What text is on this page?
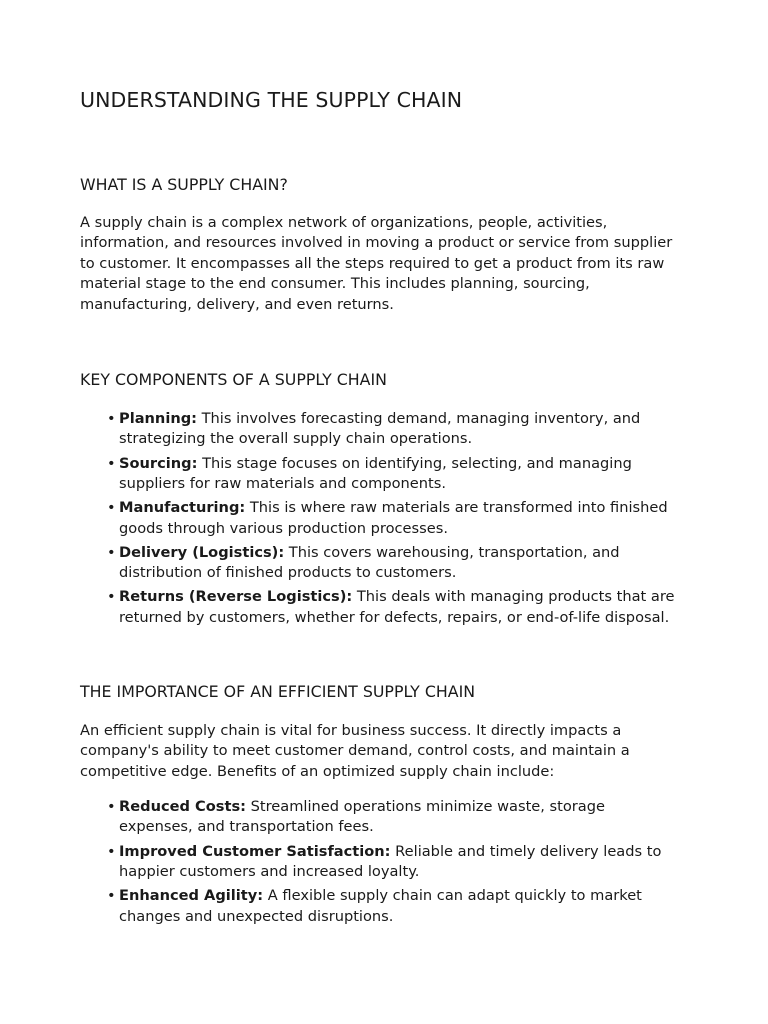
UNDERSTANDING THE SUPPLY CHAIN
WHAT IS A SUPPLY CHAIN?

A supply chain is a complex network of organizations, people, activities, information, and resources involved in moving a product or service from supplier to customer. It encompasses all the steps required to get a product from its raw material stage to the end consumer. This includes planning, sourcing, manufacturing, delivery, and even returns.

KEY COMPONENTS OF A SUPPLY CHAIN
• Planning: This involves forecasting demand, managing inventory, and strategizing the overall supply chain operations.
• Sourcing: This stage focuses on identifying, selecting, and managing suppliers for raw materials and components.
• Manufacturing: This is where raw materials are transformed into finished goods through various production processes.
• Delivery (Logistics): This covers warehousing, transportation, and distribution of finished products to customers.
• Returns (Reverse Logistics): This deals with managing products that are returned by customers, whether for defects, repairs, or end-of-life disposal.
THE IMPORTANCE OF AN EFFICIENT SUPPLY CHAIN

An efficient supply chain is vital for business success. It directly impacts a company's ability to meet customer demand, control costs, and maintain a competitive edge. Benefits of an optimized supply chain include:

• Reduced Costs: Streamlined operations minimize waste, storage expenses, and transportation fees.
• Improved Customer Satisfaction: Reliable and timely delivery leads to happier customers and increased loyalty.
• Enhanced Agility: A flexible supply chain can adapt quickly to market changes and unexpected disruptions.
